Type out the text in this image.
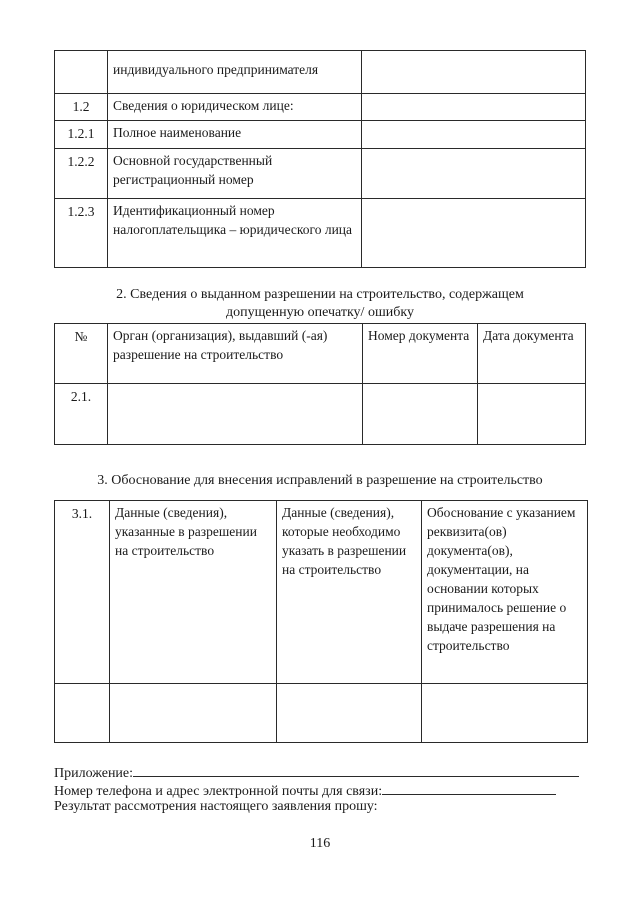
	индивидуального предпринимателя	
1.2	Сведения о юридическом лице:	
1.2.1	Полное наименование	
1.2.2	Основной государственный регистрационный номер	
1.2.3	Идентификационный номер налогоплательщика – юридического лица	
2. Сведения о выданном разрешении на строительство, содержащем
допущенную опечатку/ ошибку
№	Орган (организация), выдавший (-ая) разрешение на строительство	Номер документа	Дата документа
2.1.			
3. Обоснование для внесения исправлений в разрешение на строительство
3.1.	Данные (сведения), указанные в разрешении на строительство	Данные (сведения), которые необходимо указать в разрешении на строительство	Обоснование с указанием реквизита(ов) документа(ов), документации, на основании которых принималось решение о выдаче разрешения на строительство

Приложение:
Номер телефона и адрес электронной почты для связи:
Результат рассмотрения настоящего заявления прошу:
116
